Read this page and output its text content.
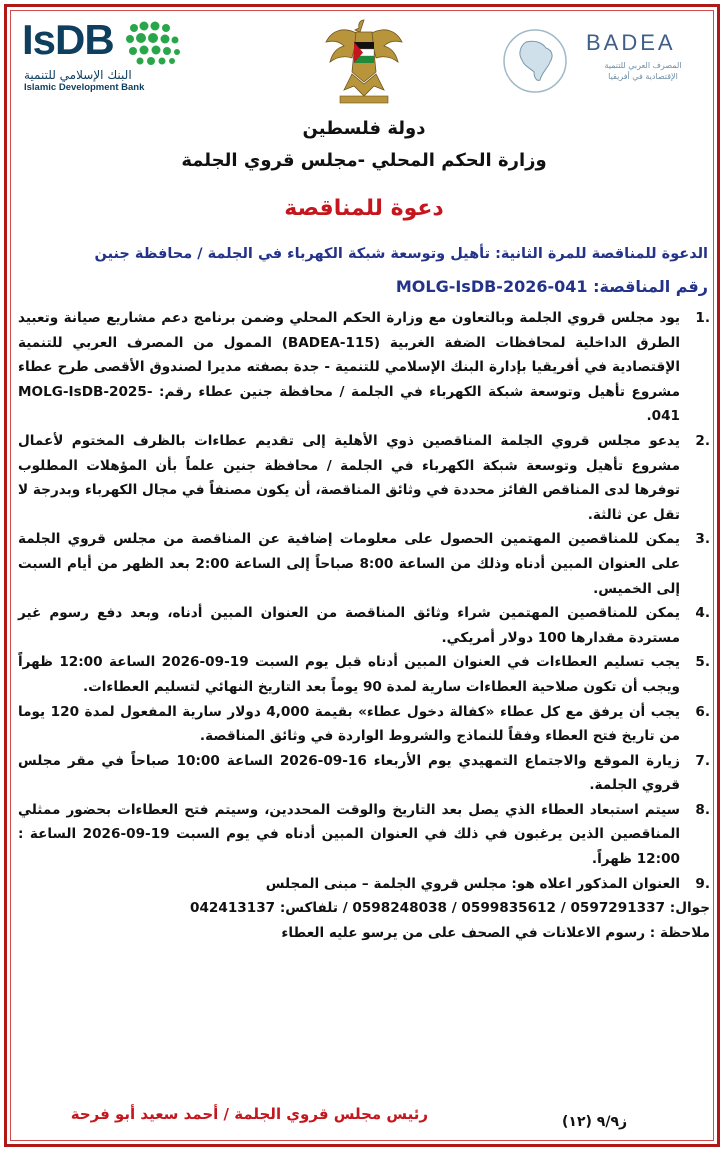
IsDB
البنك الإسلامي للتنمية
Islamic Development Bank
BADEA
المصرف العربي للتنمية الإقتصادية في أفريقيا
دولة فلسطين
وزارة الحكم المحلي -مجلس قروي الجلمة
دعوة للمناقصة
الدعوة للمناقصة للمرة الثانية: تأهيل وتوسعة شبكة الكهرباء في الجلمة / محافظة جنين
رقم المناقصة: MOLG-IsDB-2026-041
.1
يود مجلس قروي الجلمة وبالتعاون مع وزارة الحكم المحلي وضمن برنامج دعم مشاريع صيانة وتعبيد الطرق الداخلية لمحافظات الضفة الغربية (BADEA-115) الممول من المصرف العربي للتنمية الإقتصادية في أفريقيا بإدارة البنك الإسلامي للتنمية - جدة بصفته مديرا لصندوق الأقصى طرح عطاء مشروع تأهيل وتوسعة شبكة الكهرباء في الجلمة / محافظة جنين عطاء رقم: MOLG-IsDB-2025-041.
.2
يدعو مجلس قروي الجلمة المناقصين ذوي الأهلية إلى تقديم عطاءات بالظرف المختوم لأعمال مشروع تأهيل وتوسعة شبكة الكهرباء في الجلمة / محافظة جنين علماً بأن المؤهلات المطلوب توفرها لدى المناقص الفائز محددة في وثائق المناقصة، أن يكون مصنفاً في مجال الكهرباء وبدرجة لا تقل عن ثالثة.
.3
يمكن للمناقصين المهتمين الحصول على معلومات إضافية عن المناقصة من مجلس قروي الجلمة على العنوان المبين أدناه وذلك من الساعة 8:00 صباحاً إلى الساعة 2:00 بعد الظهر من أيام السبت إلى الخميس.
.4
يمكن للمناقصين المهتمين شراء وثائق المناقصة من العنوان المبين أدناه، وبعد دفع رسوم غير مستردة مقدارها 100 دولار أمريكي.
.5
يجب تسليم العطاءات في العنوان المبين أدناه قبل يوم السبت 19-09-2026 الساعة 12:00 ظهراً ويجب أن تكون صلاحية العطاءات سارية لمدة 90 يوماً بعد التاريخ النهائي لتسليم العطاءات.
.6
يجب أن يرفق مع كل عطاء «كفالة دخول عطاء» بقيمة 4,000 دولار سارية المفعول لمدة 120 يوما من تاريخ فتح العطاء وفقاً للنماذج والشروط الواردة في وثائق المناقصة.
.7
زيارة الموقع والاجتماع التمهيدي يوم الأربعاء 16-09-2026 الساعة 10:00 صباحاً في مقر مجلس قروي الجلمة.
.8
سيتم استبعاد العطاء الذي يصل بعد التاريخ والوقت المحددين، وسيتم فتح العطاءات بحضور ممثلي المناقصين الذين يرغبون في ذلك في العنوان المبين أدناه في يوم السبت 19-09-2026 الساعة : 12:00 ظهراً.
.9
العنوان المذكور اعلاه هو: مجلس قروي الجلمة – مبنى المجلس
جوال: 0597291337 / 0599835612 / 0598248038 / تلفاكس: 042413137
ملاحظة : رسوم الاعلانات في الصحف على من يرسو عليه العطاء
رئيس مجلس قروي الجلمة / أحمد سعيد أبو فرحة	ز٩/٩ (١٢)
